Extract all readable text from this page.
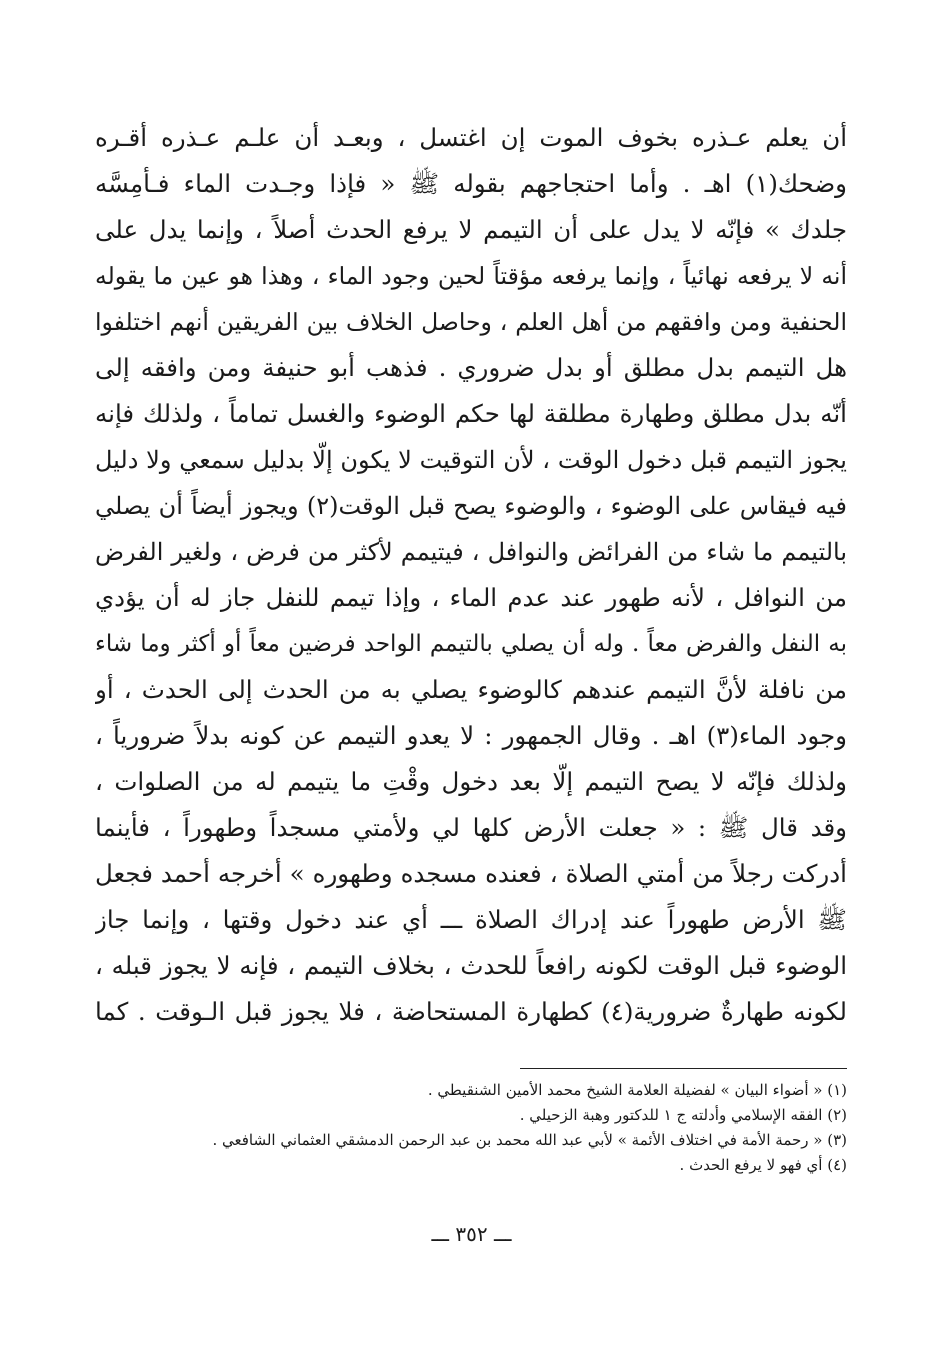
أن يعلم عـذره بخوف الموت إن اغتسل ، وبعـد أن علـم عـذره أقـره
وضحك(١) اهـ . وأما احتجاجهم بقوله ﷺ « فإذا وجـدت الماء فـأمِسَّه
جلدك » فإنّه لا يدل على أن التيمم لا يرفع الحدث أصلاً ، وإنما يدل على
أنه لا يرفعه نهائياً ، وإنما يرفعه مؤقتاً لحين وجود الماء ، وهذا هو عين ما يقوله
الحنفية ومن وافقهم من أهل العلم ، وحاصل الخلاف بين الفريقين أنهم اختلفوا
هل التيمم بدل مطلق أو بدل ضروري . فذهب أبو حنيفة ومن وافقه إلى
أنّه بدل مطلق وطهارة مطلقة لها حكم الوضوء والغسل تماماً ، ولذلك فإنه
يجوز التيمم قبل دخول الوقت ، لأن التوقيت لا يكون إلّا بدليل سمعي ولا دليل
فيه فيقاس على الوضوء ، والوضوء يصح قبل الوقت(٢) ويجوز أيضاً أن يصلي
بالتيمم ما شاء من الفرائض والنوافل ، فيتيمم لأكثر من فرض ، ولغير الفرض
من النوافل ، لأنه طهور عند عدم الماء ، وإذا تيمم للنفل جاز له أن يؤدي
به النفل والفرض معاً . وله أن يصلي بالتيمم الواحد فرضين معاً أو أكثر وما شاء
من نافلة لأنَّ التيمم عندهم كالوضوء يصلي به من الحدث إلى الحدث ، أو
وجود الماء(٣) اهـ . وقال الجمهور : لا يعدو التيمم عن كونه بدلاً ضرورياً ،
ولذلك فإنّه لا يصح التيمم إلّا بعد دخول وقْتِ ما يتيمم له من الصلوات ،
وقد قال ﷺ : « جعلت الأرض كلها لي ولأمتي مسجداً وطهوراً ، فأينما
أدركت رجلاً من أمتي الصلاة ، فعنده مسجده وطهوره » أخرجه أحمد فجعل
ﷺ الأرض طهوراً عند إدراك الصلاة ـــ أي عند دخول وقتها ، وإنما جاز
الوضوء قبل الوقت لكونه رافعاً للحدث ، بخلاف التيمم ، فإنه لا يجوز قبله ،
لكونه طهارةٌ ضرورية(٤) كطهارة المستحاضة ، فلا يجوز قبل الـوقت . كما
(١) « أضواء البيان » لفضيلة العلامة الشيخ محمد الأمين الشنقيطي .
(٢) الفقه الإسلامي وأدلته ج ١ للدكتور وهبة الزحيلي .
(٣) « رحمة الأمة في اختلاف الأئمة » لأبي عبد الله محمد بن عبد الرحمن الدمشقي العثماني الشافعي .
(٤) أي فهو لا يرفع الحدث .
ـــ ٣٥٢ ـــ
